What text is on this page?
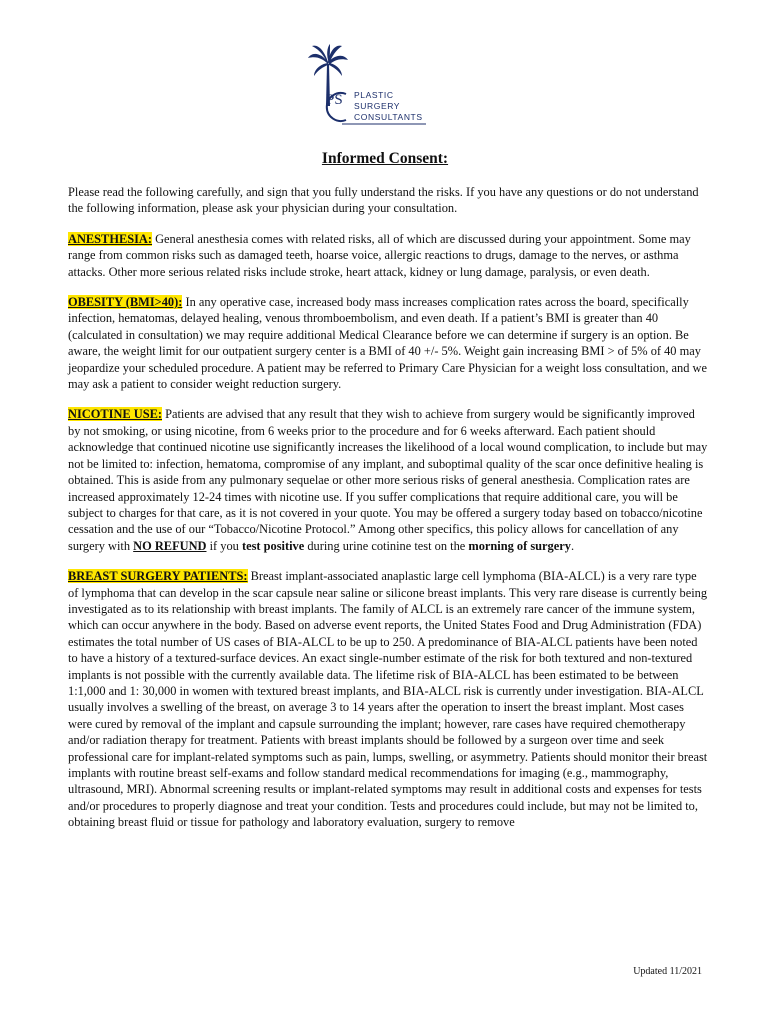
PS PLASTIC
SURGERY
CONSULTANTS
Informed Consent:

Please read the following carefully, and sign that you fully understand the risks. If you have any questions or do not understand the following information, please ask your physician during your consultation.

ANESTHESIA: General anesthesia comes with related risks, all of which are discussed during your appointment. Some may range from common risks such as damaged teeth, hoarse voice, allergic reactions to drugs, damage to the nerves, or asthma attacks. Other more serious related risks include stroke, heart attack, kidney or lung damage, paralysis, or even death.

OBESITY (BMI>40): In any operative case, increased body mass increases complication rates across the board, specifically infection, hematomas, delayed healing, venous thromboembolism, and even death. If a patient’s BMI is greater than 40 (calculated in consultation) we may require additional Medical Clearance before we can determine if surgery is an option. Be aware, the weight limit for our outpatient surgery center is a BMI of 40 +/- 5%. Weight gain increasing BMI > of 5% of 40 may jeopardize your scheduled procedure. A patient may be referred to Primary Care Physician for a weight loss consultation, and we may ask a patient to consider weight reduction surgery.

NICOTINE USE: Patients are advised that any result that they wish to achieve from surgery would be significantly improved by not smoking, or using nicotine, from 6 weeks prior to the procedure and for 6 weeks afterward. Each patient should acknowledge that continued nicotine use significantly increases the likelihood of a local wound complication, to include but may not be limited to: infection, hematoma, compromise of any implant, and suboptimal quality of the scar once definitive healing is obtained. This is aside from any pulmonary sequelae or other more serious risks of general anesthesia. Complication rates are increased approximately 12-24 times with nicotine use. If you suffer complications that require additional care, you will be subject to charges for that care, as it is not covered in your quote. You may be offered a surgery today based on tobacco/nicotine cessation and the use of our “Tobacco/Nicotine Protocol.” Among other specifics, this policy allows for cancellation of any surgery with NO REFUND if you test positive during urine cotinine test on the morning of surgery.

BREAST SURGERY PATIENTS: Breast implant-associated anaplastic large cell lymphoma (BIA-ALCL) is a very rare type of lymphoma that can develop in the scar capsule near saline or silicone breast implants. This very rare disease is currently being investigated as to its relationship with breast implants. The family of ALCL is an extremely rare cancer of the immune system, which can occur anywhere in the body. Based on adverse event reports, the United States Food and Drug Administration (FDA) estimates the total number of US cases of BIA-ALCL to be up to 250. A predominance of BIA-ALCL patients have been noted to have a history of a textured-surface devices. An exact single-number estimate of the risk for both textured and non-textured implants is not possible with the currently available data. The lifetime risk of BIA-ALCL has been estimated to be between 1:1,000 and 1: 30,000 in women with textured breast implants, and BIA-ALCL risk is currently under investigation. BIA-ALCL usually involves a swelling of the breast, on average 3 to 14 years after the operation to insert the breast implant. Most cases were cured by removal of the implant and capsule surrounding the implant; however, rare cases have required chemotherapy and/or radiation therapy for treatment. Patients with breast implants should be followed by a surgeon over time and seek professional care for implant-related symptoms such as pain, lumps, swelling, or asymmetry. Patients should monitor their breast implants with routine breast self-exams and follow standard medical recommendations for imaging (e.g., mammography, ultrasound, MRI). Abnormal screening results or implant-related symptoms may result in additional costs and expenses for tests and/or procedures to properly diagnose and treat your condition. Tests and procedures could include, but may not be limited to, obtaining breast fluid or tissue for pathology and laboratory evaluation, surgery to remove

Updated 11/2021
